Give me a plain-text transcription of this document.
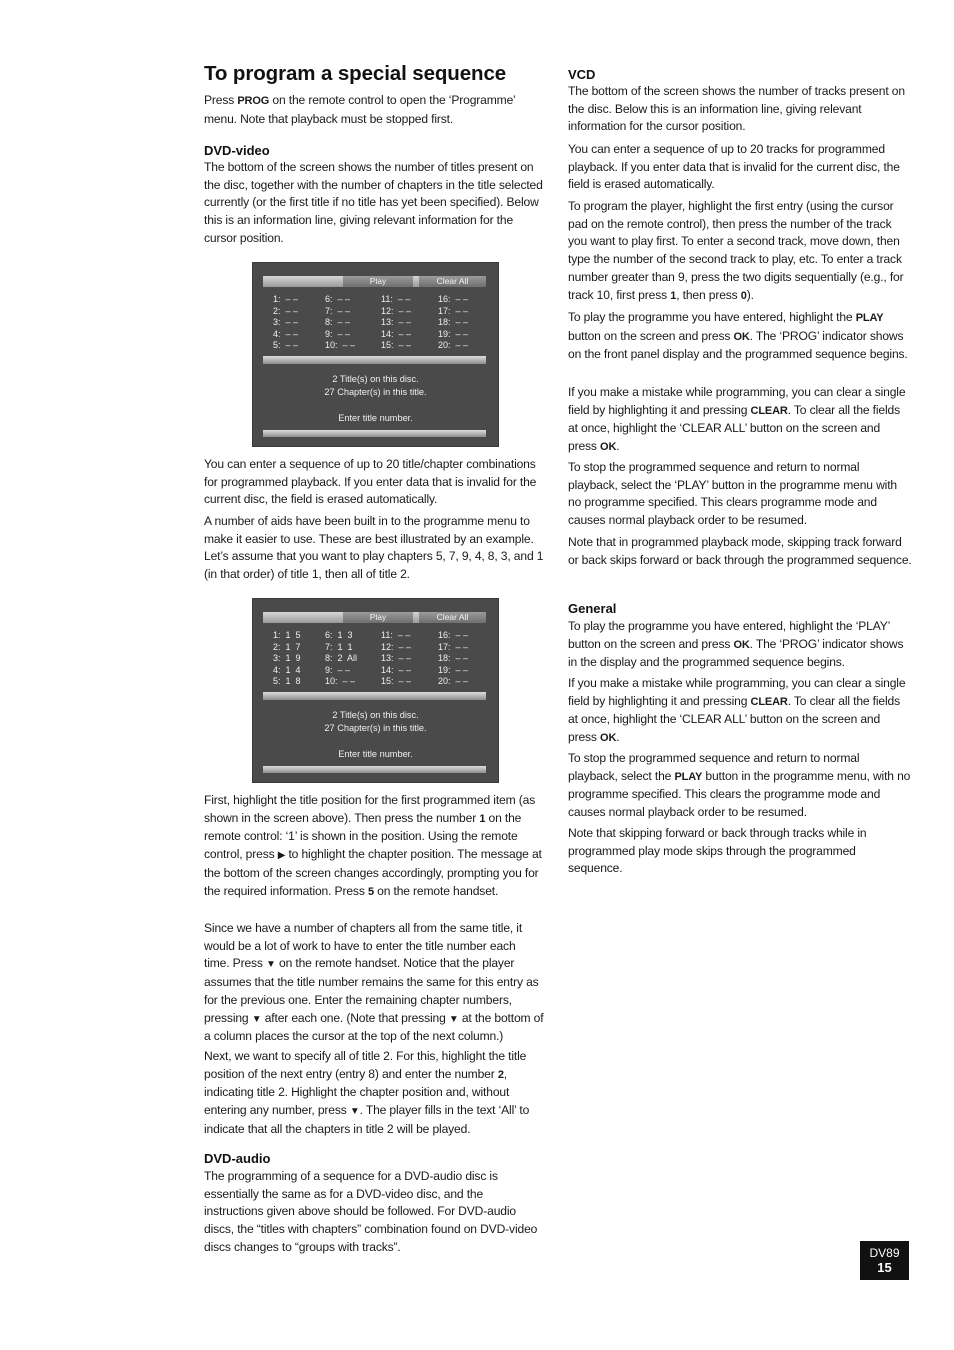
To program a special sequence

Press PROG on the remote control to open the ‘Programme’ menu. Note that playback must be stopped first.

DVD-video

The bottom of the screen shows the number of titles present on the disc, together with the number of chapters in the title selected currently (or the first title if no title has yet been specified). Below this is an information line, giving relevant information for the cursor position.

Play	Clear All
1:  – –
2:  – –
3:  – –
4:  – –
5:  – –
6:  – –
7:  – –
8:  – –
9:  – –
10:  – –
11:  – –
12:  – –
13:  – –
14:  – –
15:  – –
16:  – –
17:  – –
18:  – –
19:  – –
20:  – –
2 Title(s) on this disc.
27 Chapter(s) in this title.
Enter title number.

You can enter a sequence of up to 20 title/chapter combinations for programmed playback. If you enter data that is invalid for the current disc, the field is erased automatically.

A number of aids have been built in to the programme menu to make it easier to use. These are best illustrated by an example. Let’s assume that you want to play chapters 5, 7, 9, 4, 8, 3, and 1 (in that order) of title 1, then all of title 2.

Play	Clear All
1:  1  5
2:  1  7
3:  1  9
4:  1  4
5:  1  8
6:  1  3
7:  1  1
8:  2  All
9:  – –
10:  – –
11:  – –
12:  – –
13:  – –
14:  – –
15:  – –
16:  – –
17:  – –
18:  – –
19:  – –
20:  – –
2 Title(s) on this disc.
27 Chapter(s) in this title.
Enter title number.

First, highlight the title position for the first programmed item (as shown in the screen above). Then press the number 1 on the remote control: ‘1’ is shown in the position. Using the remote control, press ▶ to highlight the chapter position. The message at the bottom of the screen changes accordingly, prompting you for the required information. Press 5 on the remote handset.

Since we have a number of chapters all from the same title, it would be a lot of work to have to enter the title number each time. Press ▼ on the remote handset. Notice that the player assumes that the title number remains the same for this entry as for the previous one. Enter the remaining chapter numbers, pressing ▼ after each one. (Note that pressing ▼ at the bottom of a column places the cursor at the top of the next column.)

Next, we want to specify all of title 2. For this, highlight the title position of the next entry (entry 8) and enter the number 2, indicating title 2. Highlight the chapter position and, without entering any number, press ▼. The player fills in the text ‘All’ to indicate that all the chapters in title 2 will be played.

DVD-audio

The programming of a sequence for a DVD-audio disc is essentially the same as for a DVD-video disc, and the instructions given above should be followed. For DVD-audio discs, the “titles with chapters” combination found on DVD-video discs changes to “groups with tracks”.

VCD

The bottom of the screen shows the number of tracks present on the disc. Below this is an information line, giving relevant information for the cursor position.

You can enter a sequence of up to 20 tracks for programmed playback. If you enter data that is invalid for the current disc, the field is erased automatically.

To program the player, highlight the first entry (using the cursor pad on the remote control), then press the number of the track you want to play first. To enter a second track, move down, then type the number of the second track to play, etc. To enter a track number greater than 9, press the two digits sequentially (e.g., for track 10, first press 1, then press 0).

To play the programme you have entered, highlight the PLAY button on the screen and press OK. The ‘PROG’ indicator shows on the front panel display and the programmed sequence begins.

If you make a mistake while programming, you can clear a single field by highlighting it and pressing CLEAR. To clear all the fields at once, highlight the ‘CLEAR ALL’ button on the screen and press OK.

To stop the programmed sequence and return to normal playback, select the ‘PLAY’ button in the programme menu with no programme specified. This clears programme mode and causes normal playback order to be resumed.

Note that in programmed playback mode, skipping track forward or back skips forward or back through the programmed sequence.

General

To play the programme you have entered, highlight the ‘PLAY’ button on the screen and press OK. The ‘PROG’ indicator shows in the display and the programmed sequence begins.

If you make a mistake while programming, you can clear a single field by highlighting it and pressing CLEAR. To clear all the fields at once, highlight the ‘CLEAR ALL’ button on the screen and press OK.

To stop the programmed sequence and return to normal playback, select the PLAY button in the programme menu, with no programme specified. This clears the programme mode and causes normal playback order to be resumed.

Note that skipping forward or back through tracks while in programmed play mode skips through the programmed sequence.

DV89
15
